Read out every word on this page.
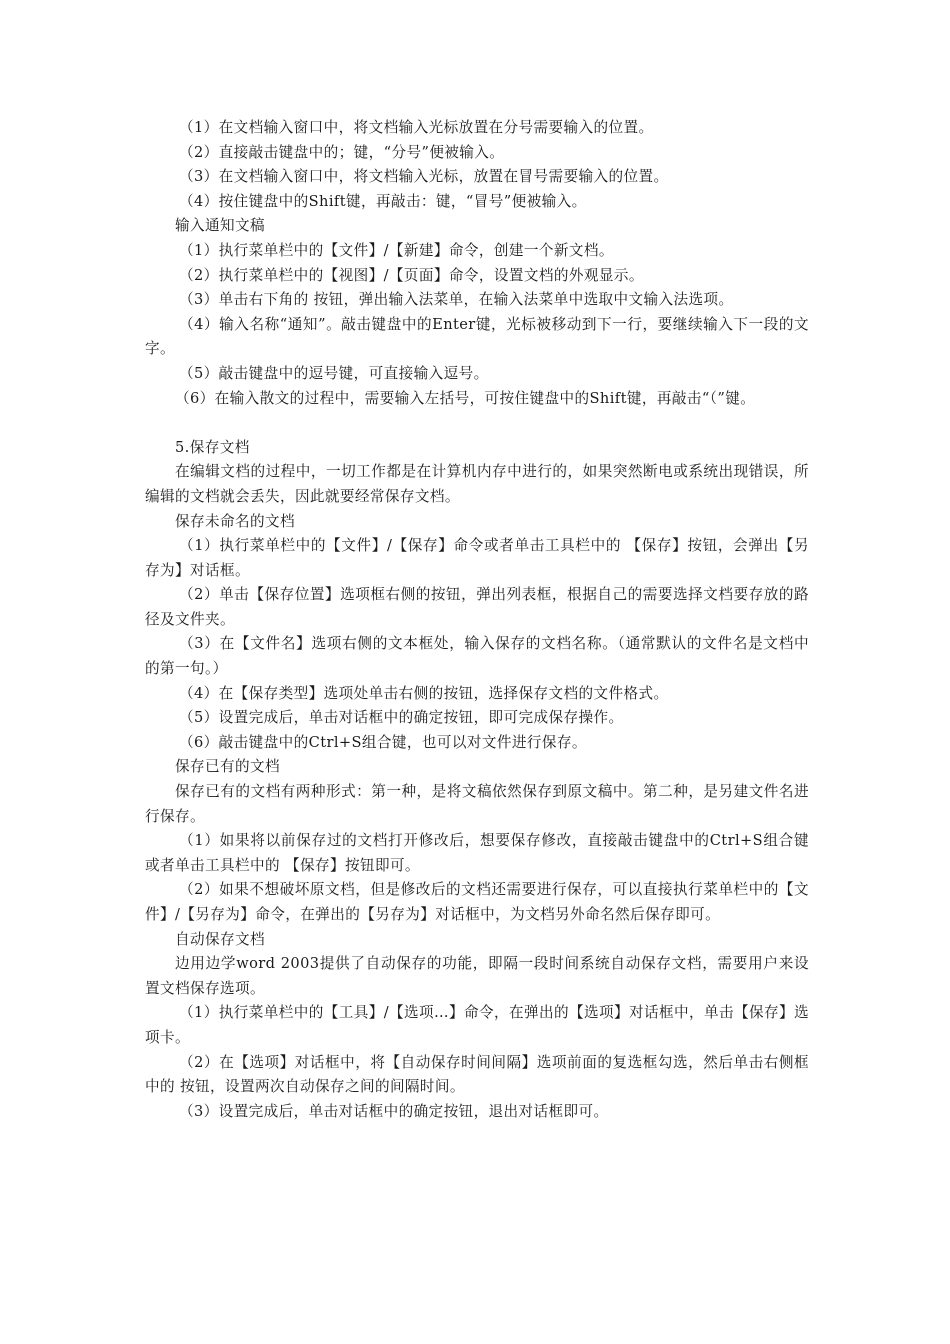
（1）在文档输入窗口中，将文档输入光标放置在分号需要输入的位置。

（2）直接敲击键盘中的；键，“分号”便被输入。

（3）在文档输入窗口中，将文档输入光标，放置在冒号需要输入的位置。

（4）按住键盘中的Shift键，再敲击：键，“冒号”便被输入。

输入通知文稿

（1）执行菜单栏中的【文件】/【新建】命令，创建一个新文档。

（2）执行菜单栏中的【视图】/【页面】命令，设置文档的外观显示。

（3）单击右下角的 按钮，弹出输入法菜单，在输入法菜单中选取中文输入法选项。

（4）输入名称“通知”。敲击键盘中的Enter键，光标被移动到下一行，要继续输入下一段的文字。

（5）敲击键盘中的逗号键，可直接输入逗号。

（6）在输入散文的过程中，需要输入左括号，可按住键盘中的Shift键，再敲击“（”键。

5.保存文档

在编辑文档的过程中，一切工作都是在计算机内存中进行的，如果突然断电或系统出现错误，所编辑的文档就会丢失，因此就要经常保存文档。

保存未命名的文档

（1）执行菜单栏中的【文件】/【保存】命令或者单击工具栏中的 【保存】按钮，会弹出【另存为】对话框。

（2）单击【保存位置】选项框右侧的按钮，弹出列表框，根据自己的需要选择文档要存放的路径及文件夹。

（3）在【文件名】选项右侧的文本框处，输入保存的文档名称。（通常默认的文件名是文档中的第一句。）

（4）在【保存类型】选项处单击右侧的按钮，选择保存文档的文件格式。

（5）设置完成后，单击对话框中的确定按钮，即可完成保存操作。

（6）敲击键盘中的Ctrl+S组合键，也可以对文件进行保存。

保存已有的文档

保存已有的文档有两种形式：第一种，是将文稿依然保存到原文稿中。第二种，是另建文件名进行保存。

（1）如果将以前保存过的文档打开修改后，想要保存修改，直接敲击键盘中的Ctrl+S组合键或者单击工具栏中的 【保存】按钮即可。

（2）如果不想破坏原文档，但是修改后的文档还需要进行保存，可以直接执行菜单栏中的【文件】/【另存为】命令，在弹出的【另存为】对话框中，为文档另外命名然后保存即可。

自动保存文档

边用边学word 2003提供了自动保存的功能，即隔一段时间系统自动保存文档，需要用户来设置文档保存选项。

（1）执行菜单栏中的【工具】/【选项…】命令，在弹出的【选项】对话框中，单击【保存】选项卡。

（2）在【选项】对话框中，将【自动保存时间间隔】选项前面的复选框勾选，然后单击右侧框中的 按钮，设置两次自动保存之间的间隔时间。

（3）设置完成后，单击对话框中的确定按钮，退出对话框即可。
